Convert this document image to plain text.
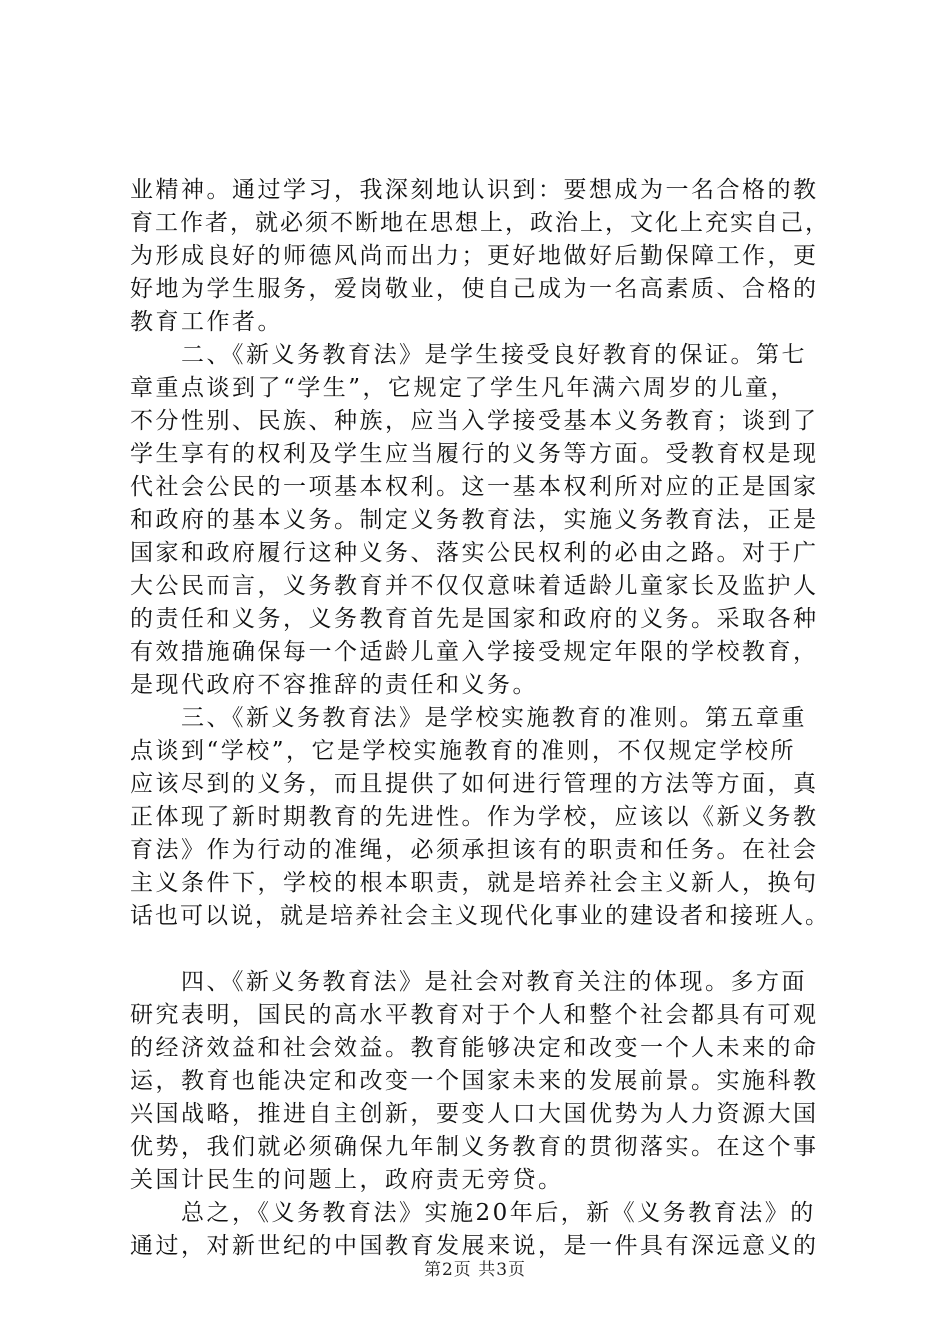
业精神。通过学习，我深刻地认识到：要想成为一名合格的教
育工作者，就必须不断地在思想上，政治上，文化上充实自己，
为形成良好的师德风尚而出力；更好地做好后勤保障工作，更
好地为学生服务，爱岗敬业，使自己成为一名高素质、合格的
教育工作者。
　　二、《新义务教育法》是学生接受良好教育的保证。第七
章重点谈到了“学生”，它规定了学生凡年满六周岁的儿童，
不分性别、民族、种族，应当入学接受基本义务教育；谈到了
学生享有的权利及学生应当履行的义务等方面。受教育权是现
代社会公民的一项基本权利。这一基本权利所对应的正是国家
和政府的基本义务。制定义务教育法，实施义务教育法，正是
国家和政府履行这种义务、落实公民权利的必由之路。对于广
大公民而言，义务教育并不仅仅意味着适龄儿童家长及监护人
的责任和义务，义务教育首先是国家和政府的义务。采取各种
有效措施确保每一个适龄儿童入学接受规定年限的学校教育，
是现代政府不容推辞的责任和义务。
　　三、《新义务教育法》是学校实施教育的准则。第五章重
点谈到“学校”，它是学校实施教育的准则，不仅规定学校所
应该尽到的义务，而且提供了如何进行管理的方法等方面，真
正体现了新时期教育的先进性。作为学校，应该以《新义务教
育法》作为行动的准绳，必须承担该有的职责和任务。在社会
主义条件下，学校的根本职责，就是培养社会主义新人，换句
话也可以说，就是培养社会主义现代化事业的建设者和接班人。
　　四、《新义务教育法》是社会对教育关注的体现。多方面
研究表明，国民的高水平教育对于个人和整个社会都具有可观
的经济效益和社会效益。教育能够决定和改变一个人未来的命
运，教育也能决定和改变一个国家未来的发展前景。实施科教
兴国战略，推进自主创新，要变人口大国优势为人力资源大国
优势，我们就必须确保九年制义务教育的贯彻落实。在这个事
关国计民生的问题上，政府责无旁贷。
　　总之，《义务教育法》实施20年后，新《义务教育法》的
通过，对新世纪的中国教育发展来说，是一件具有深远意义的
第2页 共3页
